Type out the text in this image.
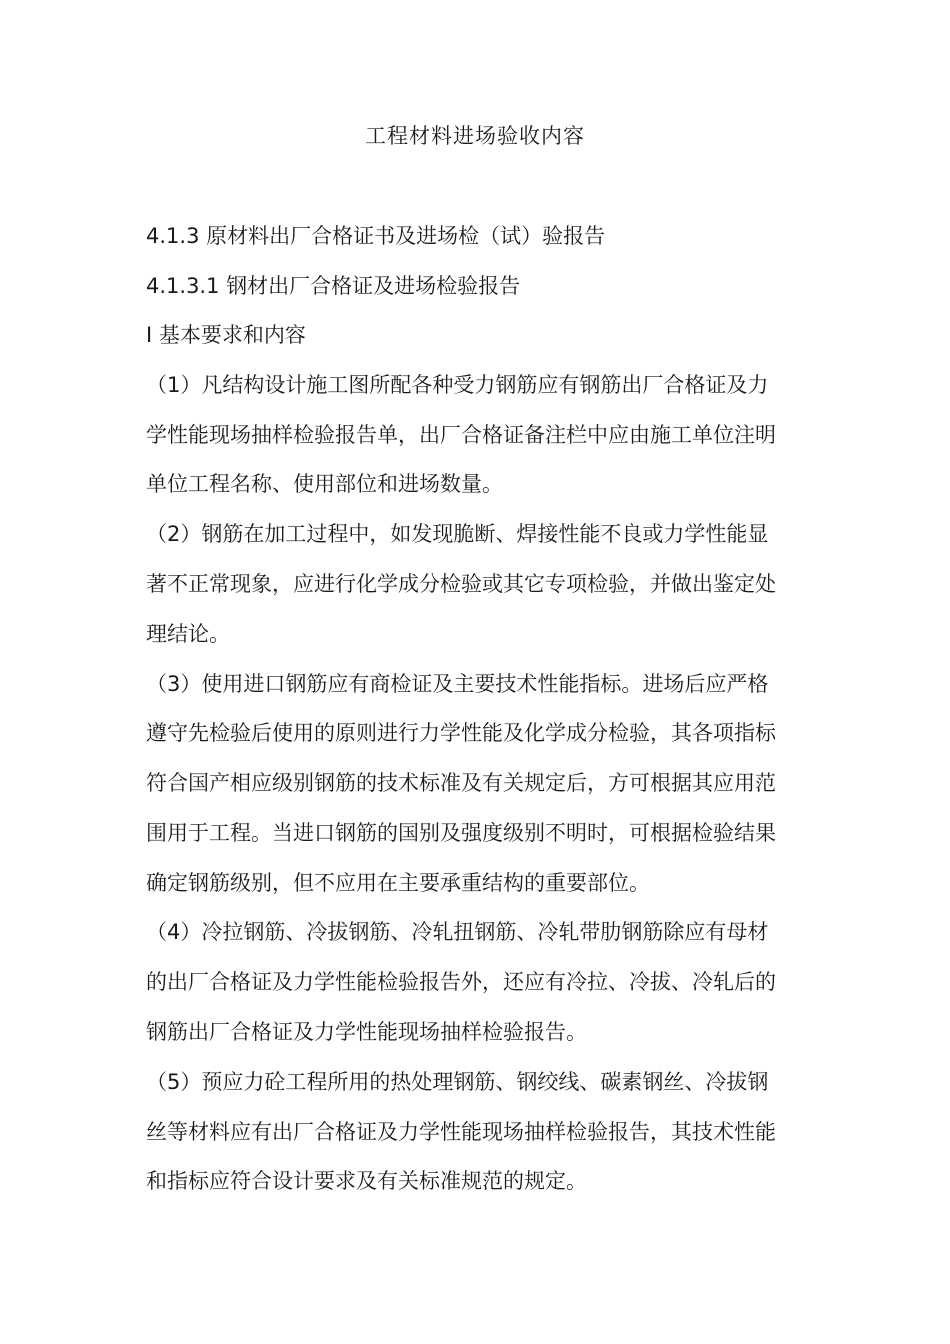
工程材料进场验收内容
4.1.3 原材料出厂合格证书及进场检（试）验报告
4.1.3.1 钢材出厂合格证及进场检验报告
Ⅰ 基本要求和内容
（1）凡结构设计施工图所配各种受力钢筋应有钢筋出厂合格证及力
学性能现场抽样检验报告单，出厂合格证备注栏中应由施工单位注明
单位工程名称、使用部位和进场数量。
（2）钢筋在加工过程中，如发现脆断、焊接性能不良或力学性能显
著不正常现象，应进行化学成分检验或其它专项检验，并做出鉴定处
理结论。
（3）使用进口钢筋应有商检证及主要技术性能指标。进场后应严格
遵守先检验后使用的原则进行力学性能及化学成分检验，其各项指标
符合国产相应级别钢筋的技术标准及有关规定后，方可根据其应用范
围用于工程。当进口钢筋的国别及强度级别不明时，可根据检验结果
确定钢筋级别，但不应用在主要承重结构的重要部位。
（4）冷拉钢筋、冷拔钢筋、冷轧扭钢筋、冷轧带肋钢筋除应有母材
的出厂合格证及力学性能检验报告外，还应有冷拉、冷拔、冷轧后的
钢筋出厂合格证及力学性能现场抽样检验报告。
（5）预应力砼工程所用的热处理钢筋、钢绞线、碳素钢丝、冷拔钢
丝等材料应有出厂合格证及力学性能现场抽样检验报告，其技术性能
和指标应符合设计要求及有关标准规范的规定。
